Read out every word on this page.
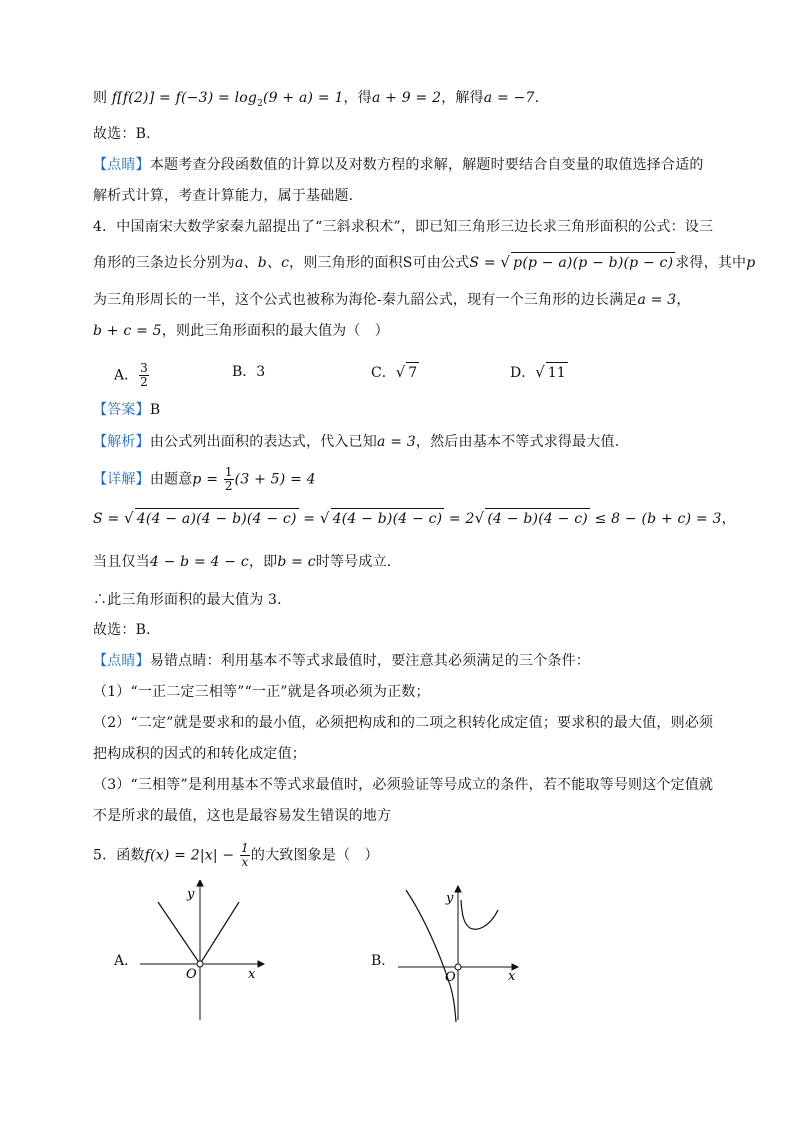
则 $f[f(2)] = f(-3) = \log_2(9 + a) = 1$，得a + 9 = 2，解得a = −7.
故选：B.
【点睛】本题考查分段函数值的计算以及对数方程的求解，解题时要结合自变量的取值选择合适的
解析式计算，考查计算能力，属于基础题.
4．中国南宋大数学家秦九韶提出了“三斜求积术”，即已知三角形三边长求三角形面积的公式：设三
角形的三条边长分别为a、b、c，则三角形的面积S可由公式S = √ p(p − a)(p − b)(p − c) 求得，其中p
为三角形周长的一半，这个公式也被称为海伦-秦九韶公式，现有一个三角形的边长满足a = 3，
b + c = 5，则此三角形面积的最大值为（　）
A． $\frac{3}{2}$	B．3	C．√ 7	D．√ 11
【答案】B
【解析】由公式列出面积的表达式，代入已知a = 3，然后由基本不等式求得最大值.
【详解】由题意$p = \frac{1}{2} (3 + 5) = 4$
S = √ 4(4 − a)(4 − b)(4 − c) = √ 4(4 − b)(4 − c) = 2√ (4 − b)(4 − c) ≤ 8 − (b + c) = 3，
当且仅当4 − b = 4 − c，即b = c时等号成立.
∴此三角形面积的最大值为 3.
故选：B．
【点睛】易错点睛：利用基本不等式求最值时，要注意其必须满足的三个条件：
（1）“一正二定三相等”“一正”就是各项必须为正数；
（2）“二定”就是要求和的最小值，必须把构成和的二项之积转化成定值；要求积的最大值，则必须
把构成积的因式的和转化成定值；
（3）“三相等”是利用基本不等式求最值时，必须验证等号成立的条件，若不能取等号则这个定值就
不是所求的最值，这也是最容易发生错误的地方
5．函数$f(x) = 2|x| - \frac{1}{x}$ 的大致图象是（　）
A．
x
y
O
B．
x
y
O
